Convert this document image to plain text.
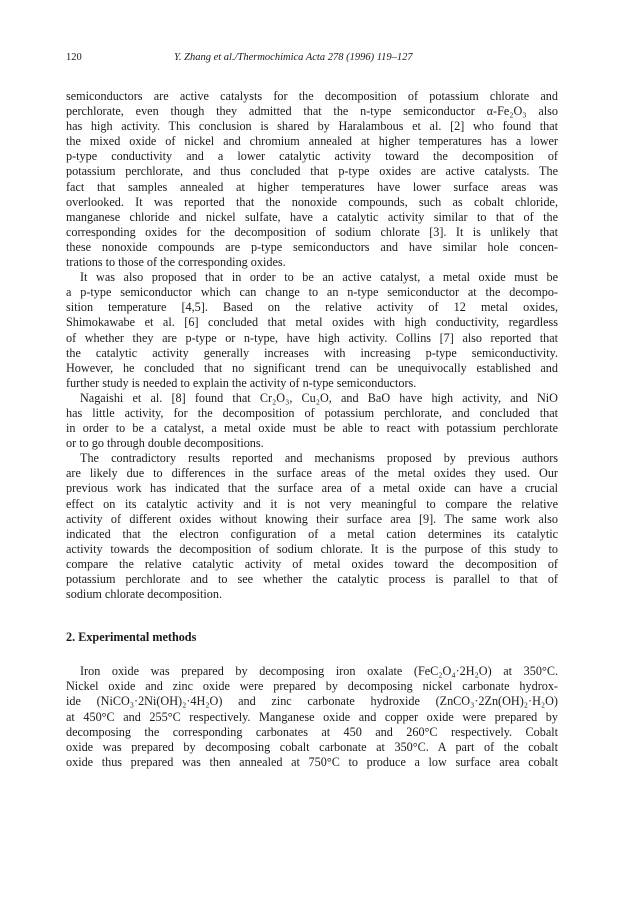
120	Y. Zhang et al./Thermochimica Acta 278 (1996) 119–127
semiconductors are active catalysts for the decomposition of potassium chlorate and
perchlorate, even though they admitted that the n-type semiconductor α-Fe₂O₃ also
has high activity. This conclusion is shared by Haralambous et al. [2] who found that
the mixed oxide of nickel and chromium annealed at higher temperatures has a lower
p-type conductivity and a lower catalytic activity toward the decomposition of
potassium perchlorate, and thus concluded that p-type oxides are active catalysts. The
fact that samples annealed at higher temperatures have lower surface areas was
overlooked. It was reported that the nonoxide compounds, such as cobalt chloride,
manganese chloride and nickel sulfate, have a catalytic activity similar to that of the
corresponding oxides for the decomposition of sodium chlorate [3]. It is unlikely that
these nonoxide compounds are p-type semiconductors and have similar hole concen-
trations to those of the corresponding oxides.
It was also proposed that in order to be an active catalyst, a metal oxide must be
a p-type semiconductor which can change to an n-type semiconductor at the decompo-
sition temperature [4,5]. Based on the relative activity of 12 metal oxides,
Shimokawabe et al. [6] concluded that metal oxides with high conductivity, regardless
of whether they are p-type or n-type, have high activity. Collins [7] also reported that
the catalytic activity generally increases with increasing p-type semiconductivity.
However, he concluded that no significant trend can be unequivocally established and
further study is needed to explain the activity of n-type semiconductors.
Nagaishi et al. [8] found that Cr₂O₃, Cu₂O, and BaO have high activity, and NiO
has little activity, for the decomposition of potassium perchlorate, and concluded that
in order to be a catalyst, a metal oxide must be able to react with potassium perchlorate
or to go through double decompositions.
The contradictory results reported and mechanisms proposed by previous authors
are likely due to differences in the surface areas of the metal oxides they used. Our
previous work has indicated that the surface area of a metal oxide can have a crucial
effect on its catalytic activity and it is not very meaningful to compare the relative
activity of different oxides without knowing their surface area [9]. The same work also
indicated that the electron configuration of a metal cation determines its catalytic
activity towards the decomposition of sodium chlorate. It is the purpose of this study to
compare the relative catalytic activity of metal oxides toward the decomposition of
potassium perchlorate and to see whether the catalytic process is parallel to that of
sodium chlorate decomposition.
2. Experimental methods
Iron oxide was prepared by decomposing iron oxalate (FeC₂O₄·2H₂O) at 350°C.
Nickel oxide and zinc oxide were prepared by decomposing nickel carbonate hydrox-
ide (NiCO₃·2Ni(OH)₂·4H₂O) and zinc carbonate hydroxide (ZnCO₃·2Zn(OH)₂·H₂O)
at 450°C and 255°C respectively. Manganese oxide and copper oxide were prepared by
decomposing the corresponding carbonates at 450 and 260°C respectively. Cobalt
oxide was prepared by decomposing cobalt carbonate at 350°C. A part of the cobalt
oxide thus prepared was then annealed at 750°C to produce a low surface area cobalt
